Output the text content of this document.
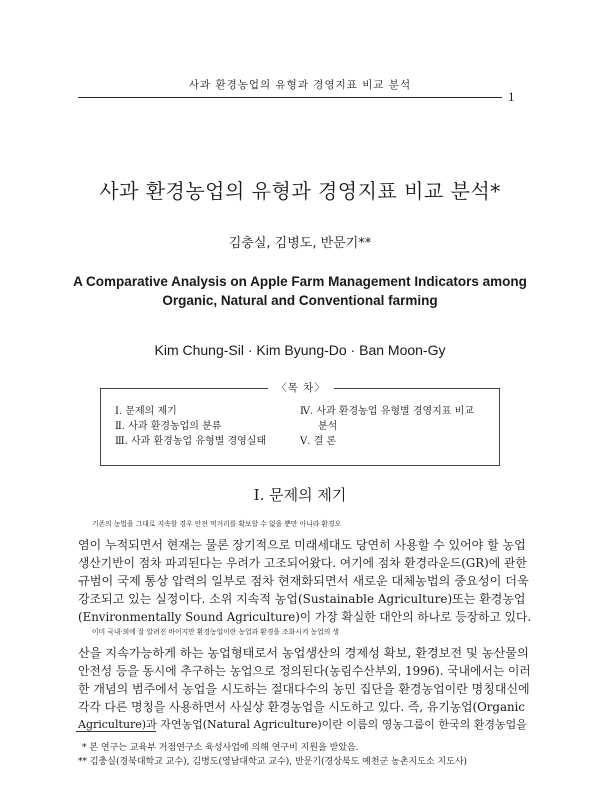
사과 환경농업의 유형과 경영지표 비교 분석
1
사과 환경농업의 유형과 경영지표 비교 분석*
김충실, 김병도, 반문기**
A Comparative Analysis on Apple Farm Management Indicators among
Organic, Natural and Conventional farming
Kim Chung-Sil · Kim Byung-Do · Ban Moon-Gy
〈목 차〉
Ⅰ. 문제의 제기
Ⅱ. 사과 환경농업의 분류
Ⅲ. 사과 환경농업 유형별 경영실태
Ⅳ. 사과 환경농업 유형별 경영지표 비교
분석
Ⅴ. 결 론
Ⅰ. 문제의 제기
기존의 농법을 그대로 지속할 경우 안전 먹거리를 확보할 수 없을 뿐만 아니라 환경오
염이 누적되면서 현재는 물론 장기적으로 미래세대도 당연히 사용할 수 있어야 할 농업
생산기반이 점차 파괴된다는 우려가 고조되어왔다. 여기에 점차 환경라운드(GR)에 관한
규범이 국제 통상 압력의 일부로 점차 현재화되면서 새로운 대체농법의 중요성이 더욱
강조되고 있는 실정이다. 소위 지속적 농업(Sustainable Agriculture)또는 환경농업
(Environmentally Sound Agriculture)이 가장 확실한 대안의 하나로 등장하고 있다.
이미 국내·외에 잘 알려진 바이지만 환경농업이란 농업과 환경을 조화시켜 농업의 생
산을 지속가능하게 하는 농업형태로서 농업생산의 경제성 확보, 환경보전 및 농산물의
안전성 등을 동시에 추구하는 농업으로 정의된다(농림수산부외, 1996). 국내에서는 이러
한 개념의 범주에서 농업을 시도하는 절대다수의 농민 집단을 환경농업이란 명칭대신에
각각 다른 명칭을 사용하면서 사실상 환경농업을 시도하고 있다. 즉, 유기농업(Organic
Agriculture)과 자연농업(Natural Agriculture)이란 이름의 영농그룹이 한국의 환경농업을
* 본 연구는 교육부 거점연구소 육성사업에 의해 연구비 지원을 받았음.
** 김충실(경북대학교 교수), 김병도(영남대학교 교수), 반문기(경상북도 예천군 농촌지도소 지도사)
